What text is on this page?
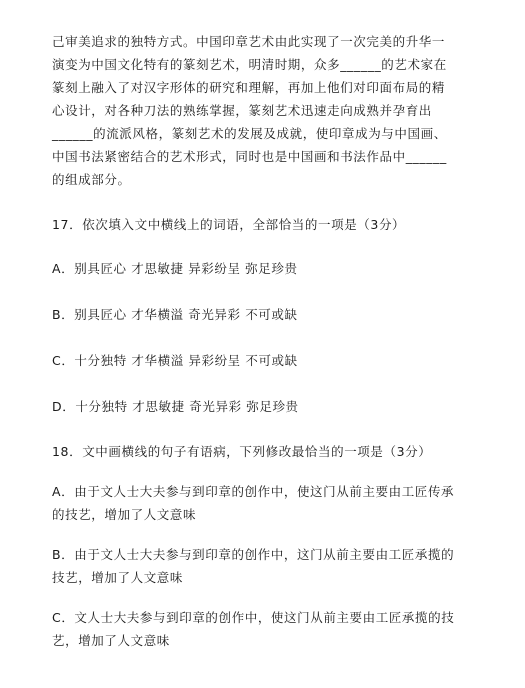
己审美追求的独特方式。中国印章艺术由此实现了一次完美的升华一
演变为中国文化特有的篆刻艺术，明清时期，众多______的艺术家在
篆刻上融入了对汉字形体的研究和理解，再加上他们对印面布局的精
心设计，对各种刀法的熟练掌握，篆刻艺术迅速走向成熟并孕育出
______的流派风格，篆刻艺术的发展及成就，使印章成为与中国画、
中国书法紧密结合的艺术形式，同时也是中国画和书法作品中______
的组成部分。

17．依次填入文中横线上的词语，全部恰当的一项是（3分）

A．别具匠心 才思敏捷 异彩纷呈 弥足珍贵

B．别具匠心 才华横溢 奇光异彩 不可或缺

C．十分独特 才华横溢 异彩纷呈 不可或缺

D．十分独特 才思敏捷 奇光异彩 弥足珍贵

18．文中画横线的句子有语病，下列修改最恰当的一项是（3分）

A．由于文人士大夫参与到印章的创作中，使这门从前主要由工匠传承
的技艺，增加了人文意味
B．由于文人士大夫参与到印章的创作中，这门从前主要由工匠承揽的
技艺，增加了人文意味
C．文人士大夫参与到印章的创作中，使这门从前主要由工匠承揽的技
艺，增加了人文意味
